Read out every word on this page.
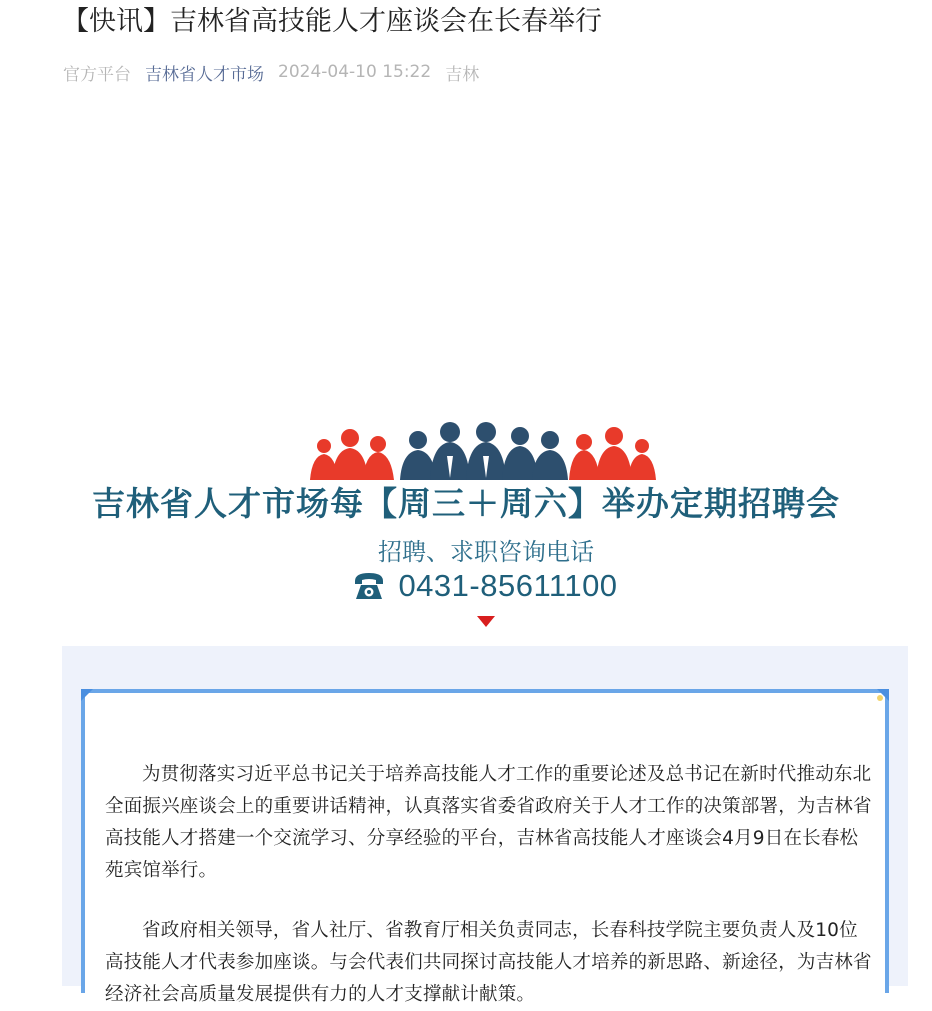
【快讯】吉林省高技能人才座谈会在长春举行
官方平台 吉林省人才市场 2024-04-10 15:22 吉林
吉林省人才市场每【周三＋周六】举办定期招聘会
招聘、求职咨询电话
0431-85611100

为贯彻落实习近平总书记关于培养高技能人才工作的重要论述及总书记在新时代推动东北全面振兴座谈会上的重要讲话精神，认真落实省委省政府关于人才工作的决策部署，为吉林省高技能人才搭建一个交流学习、分享经验的平台，吉林省高技能人才座谈会4月9日在长春松苑宾馆举行。

省政府相关领导，省人社厅、省教育厅相关负责同志，长春科技学院主要负责人及10位高技能人才代表参加座谈。与会代表们共同探讨高技能人才培养的新思路、新途径，为吉林省经济社会高质量发展提供有力的人才支撑献计献策。
